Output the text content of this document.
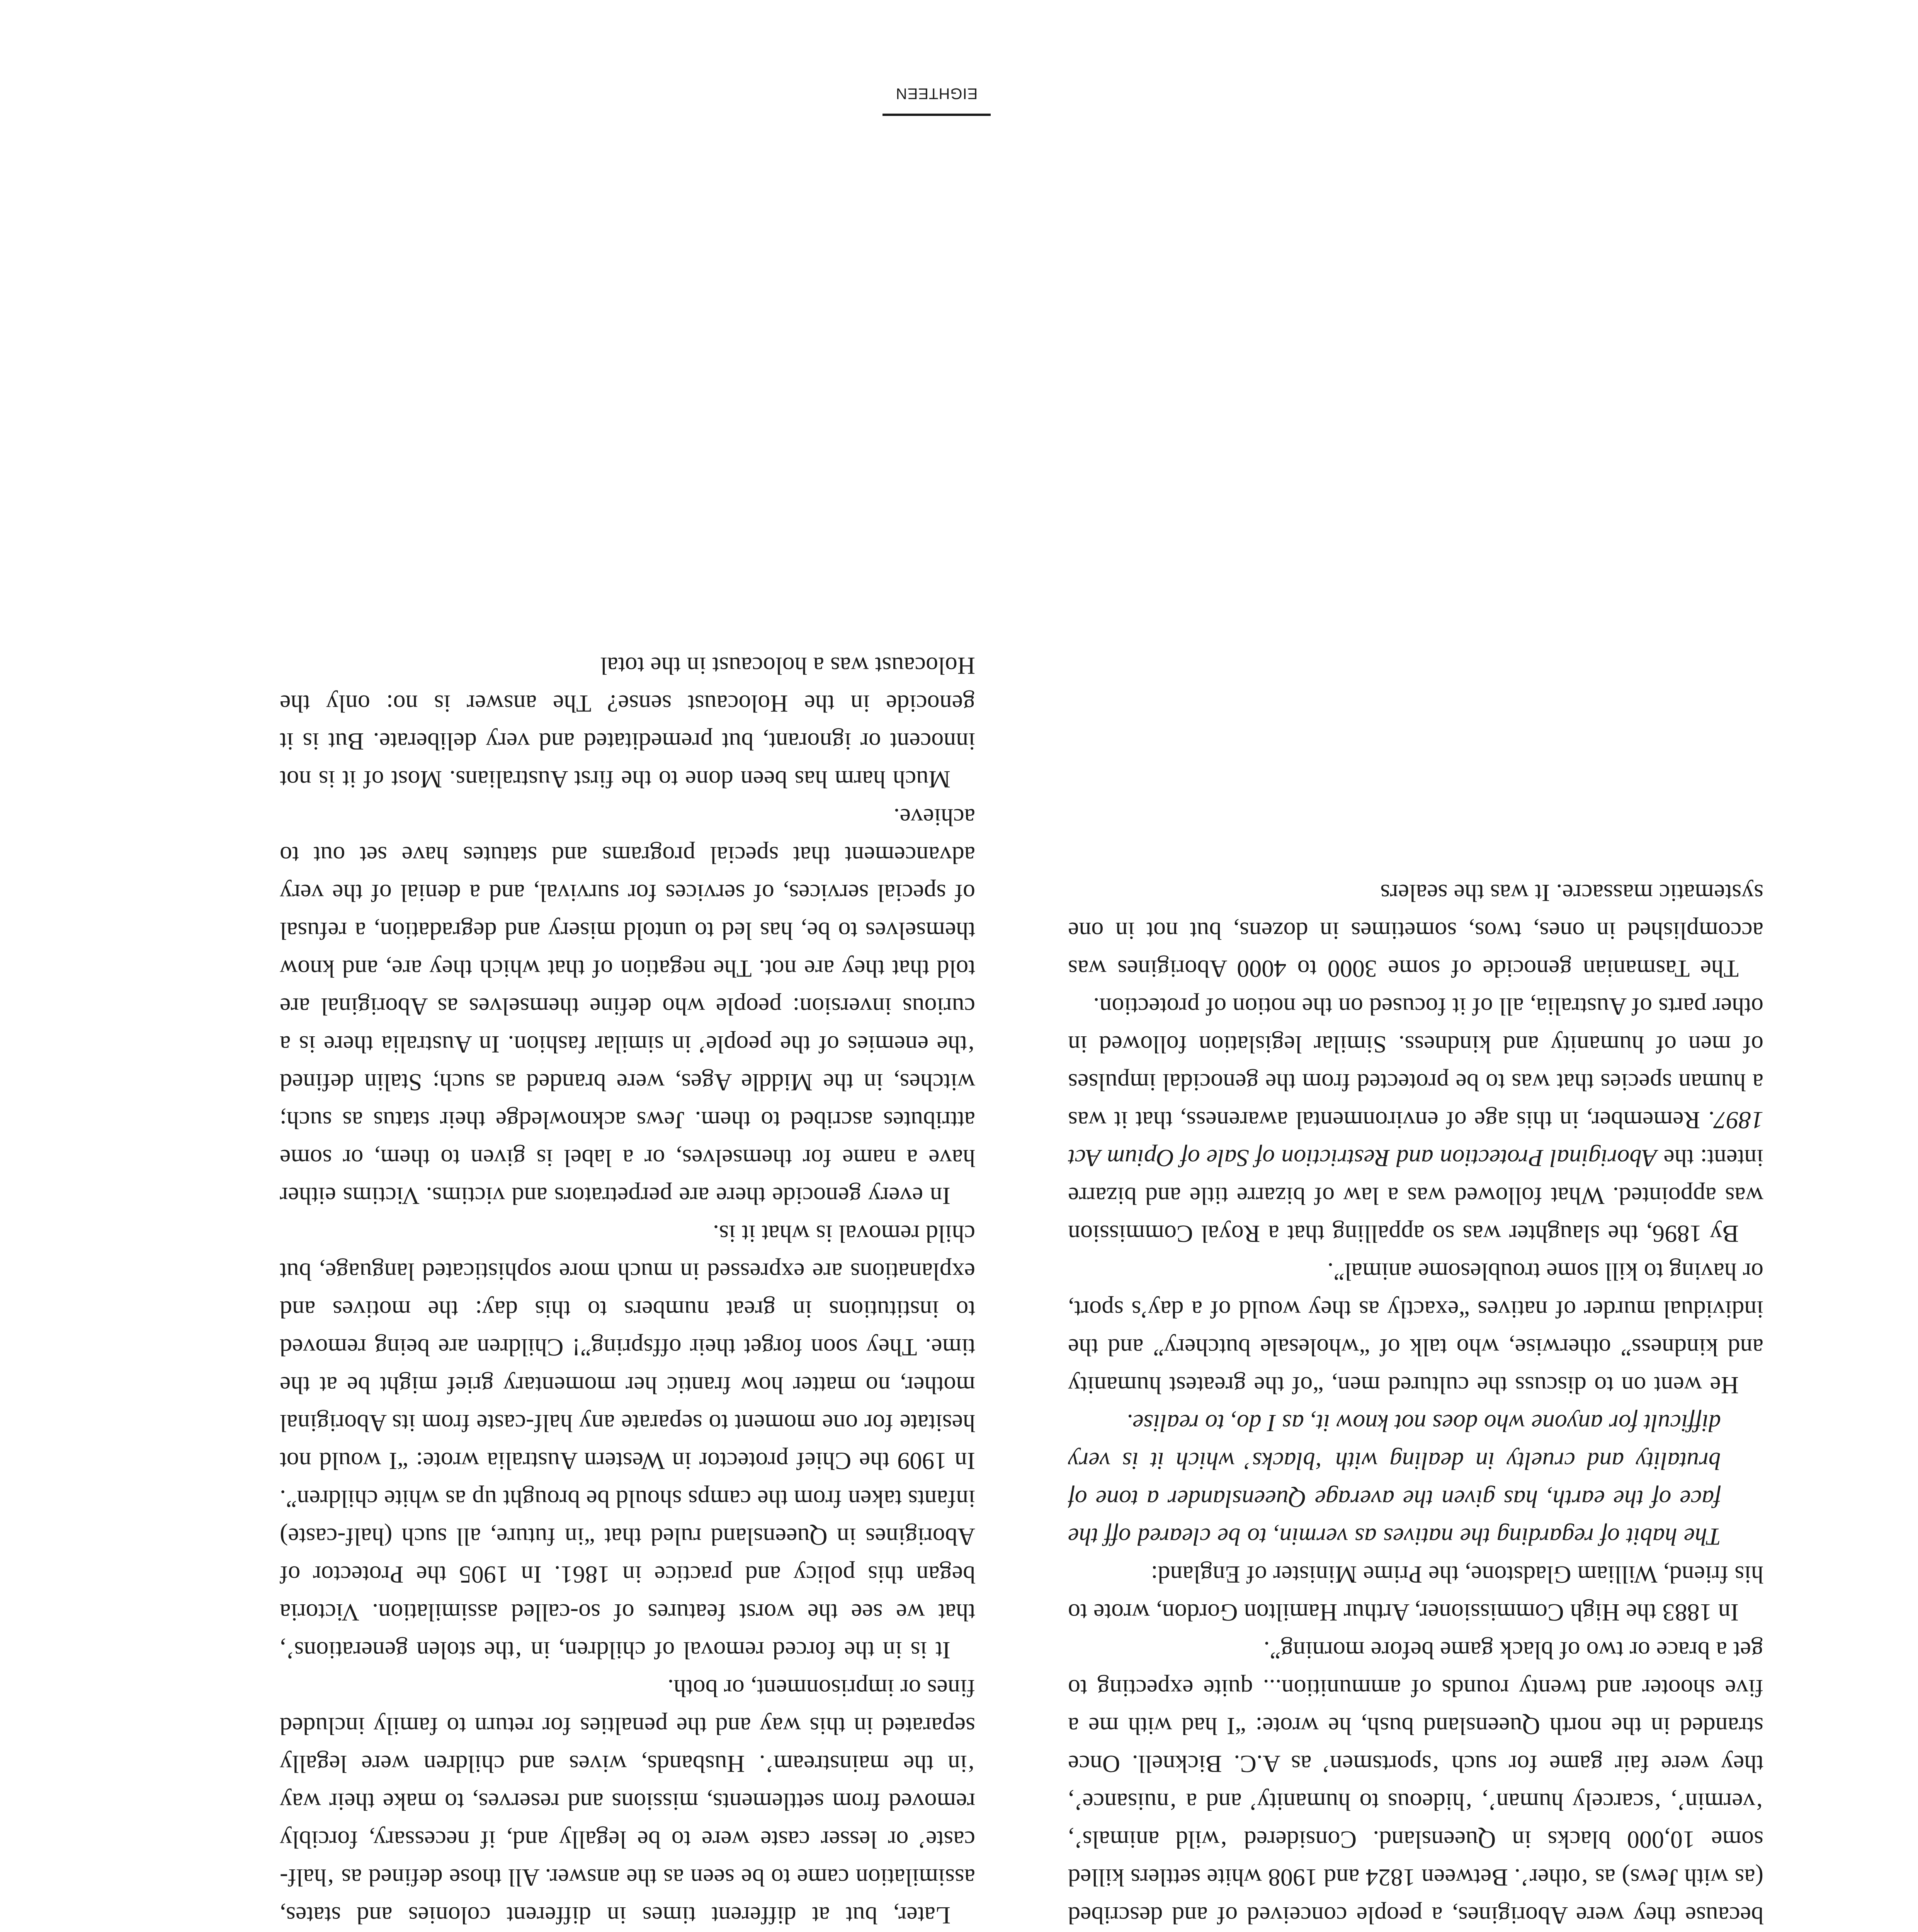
because they were Aborigines, a people conceived of and described (as with Jews) as ‘other’. Between 1824 and 1908 white settlers killed some 10,000 blacks in Queensland. Considered ‘wild animals’, ‘vermin’, ‘scarcely human’, ‘hideous to humanity’ and a ‘nuisance’, they were fair game for such ‘sportsmen’ as A.C. Bicknell. Once stranded in the north Queensland bush, he wrote: “I had with me a five shooter and twenty rounds of ammunition... quite expecting to get a brace or two of black game before morning”.

In 1883 the High Commissioner, Arthur Hamilton Gordon, wrote to his friend, William Gladstone, the Prime Minister of England:

The habit of regarding the natives as vermin, to be cleared off the face of the earth, has given the average Queenslander a tone of brutality and cruelty in dealing with ‘blacks’ which it is very difficult for anyone who does not know it, as I do, to realise.

He went on to discuss the cultured men, “of the greatest humanity and kindness” otherwise, who talk of “wholesale butchery” and the individual murder of natives “exactly as they would of a day’s sport, or having to kill some troublesome animal”.

By 1896, the slaughter was so appalling that a Royal Commission was appointed. What followed was a law of bizarre title and bizarre intent: the Aboriginal Protection and Restriction of Sale of Opium Act 1897. Remember, in this age of environmental awareness, that it was a human species that was to be protected from the genocidal impulses of men of humanity and kindness. Similar legislation followed in other parts of Australia, all of it focused on the notion of protection.

The Tasmanian genocide of some 3000 to 4000 Aborigines was accomplished in ones, twos, sometimes in dozens, but not in one systematic massacre. It was the sealers

Later, but at different times in different colonies and states, assimilation came to be seen as the answer. All those defined as ‘half-caste’ or lesser caste were to be legally and, if necessary, forcibly removed from settlements, missions and reserves, to make their way ‘in the mainstream’. Husbands, wives and children were legally separated in this way and the penalties for return to family included fines or imprisonment, or both.

It is in the forced removal of children, in ‘the stolen generations’, that we see the worst features of so-called assimilation. Victoria began this policy and practice in 1861. In 1905 the Protector of Aborigines in Queensland ruled that “in future, all such (half-caste) infants taken from the camps should be brought up as white children”. In 1909 the Chief protector in Western Australia wrote: “I would not hesitate for one moment to separate any half-caste from its Aboriginal mother, no matter how frantic her momentary grief might be at the time. They soon forget their offspring”! Children are being removed to institutions in great numbers to this day: the motives and explanations are expressed in much more sophisticated language, but child removal is what it is.

In every genocide there are perpetrators and victims. Victims either have a name for themselves, or a label is given to them, or some attributes ascribed to them. Jews acknowledge their status as such; witches, in the Middle Ages, were branded as such; Stalin defined ‘the enemies of the people’ in similar fashion. In Australia there is a curious inversion: people who define themselves as Aboriginal are told that they are not. The negation of that which they are, and know themselves to be, has led to untold misery and degradation, a refusal of special services, of services for survival, and a denial of the very advancement that special programs and statutes have set out to achieve.

Much harm has been done to the first Australians. Most of it is not innocent or ignorant, but premeditated and very deliberate. But is it genocide in the Holocaust sense? The answer is no: only the Holocaust was a holocaust in the total

EIGHTEEN
